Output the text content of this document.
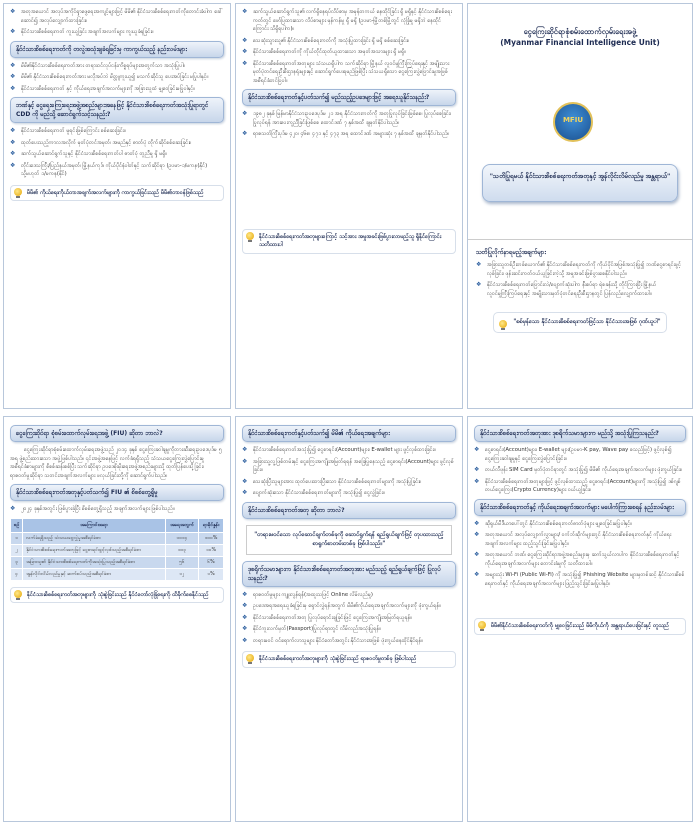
❖ အတုအယောင် အလုပ်အကိုင်ရှာဖွေရေးအကျင့်များဖြင့် မိမိ၏ နိုင်ငံသားစိစစ်ရေးကတ်ကိုတောင်းခံပါက ခေါ်ဆောင်၍ အလုပ်လျှောက်ထားခြင်း။
❖ နိုင်ငံသားစိစစ်ရေးကတ် ကူးယူခြင်း အချက်အလက်များ ကူးယူခံရခြင်း။
နိုင်ငံသားစိစစ်ရေးကတ်ကို တလွဲအသုံးချခံရခြင်းမှ ကာကွယ်သည့် နည်းလမ်းများ
❖ မိမိ၏နိုင်ငံသားစိစစ်ရေးကတ်အား တရားဝင်လုပ်ငန်းကိစ္စရပ်များအတွက်သာ အသုံးပြုပါ။
❖ မိမိ၏ နိုင်ငံသားစိစစ်ရေးကတ်အား မလိုအပ်ဘဲ မိတ္တူကူးယူ၍ မသက်ဆိုင်သူ ပေးအပ်ခြင်း မပြုပါနှင့်။
❖ နိုင်ငံသားစိစစ်ရေးကတ် နှင့် ကိုယ်ရေးအချက်အလက်များကို အခြားသူထံ မျှဝေခြင်းမပြုပါနှင့်။
ဘဏ်နှင့် ငွေရေးကြေးရေးအဖွဲ့အစည်းများအနေဖြင့် နိုင်ငံသားစိစစ်ရေးကတ်အသုံးပြုရာတွင် CDD ကို မည်သို့ ဆောင်ရွက်သင့်သနည်း?
❖ နိုင်ငံသားစိစစ်ရေးကတ် မူရင်းဖြစ်ကြောင်း စစ်ဆေးခြင်း။
❖ ထုတ်ပေးသည့်ကာလအလိုက် မှတ်ပုံတင်အမှတ်၊ အမည်နှင့် ဓာတ်ပုံ တိုက်ဆိုင်စစ်ဆေးခြင်း။
❖ ဆက်သွယ်ဆောင်ရွက်သူနှင့် နိုင်ငံသားစိစစ်ရေးကတ်ပါ ဓာတ်ပုံ တူညီမှု ရှိ မရှိ။
❖ တိုင်းဒေသကြီး/ပြည်နယ်အမှတ်၊ မြို့နယ်ကုဒ်၊ ကိုယ်ပိုင်နံပါတ်နှင့် သက်ဆိုင်ရာ (ဥပမာ-၁/မကန(နိုင်) သို့မဟုတ် ၁/မကန(နိုင်)
မိမိ၏ ကိုယ်ရေးကိုယ်တာအချက်အလက်များကို ကာကွယ်ခြင်းသည် မိမိ၏တာဝန်ဖြစ်သည်
❖ ဆက်သွယ်ဆောင်ရွက်သူ၏ လက်ရှိနေရပ်လိပ်စာမှ အမှန်တကယ် နေထိုင်ခြင်း ရှိ မရှိနှင့် နိုင်ငံသားစိစစ်ရေးကတ်တွင် ဖော်ပြထားသော လိပ်စာများ မှန်ကန်မှု ရှိ မရှိ (ဥပမာ-မြို့တစ်မြို့တွင် လုံခြုံမှု မရှိဘဲ နေထိုင်ကြောင်း သိရှိရပါက)။
❖ သေဆုံးသွားသူ၏ နိုင်ငံသားစိစစ်ရေးကတ်ကို အသုံးပြုထားခြင်း ရှိ မရှိ စစ်ဆေးခြင်း။
❖ နိုင်ငံသားစိစစ်ရေးကတ်ကို ကိုယ်တိုင်ထုတ်ယူထားသော အမှတ်အသားများ ရှိ မရှိ။
❖ နိုင်ငံသားစိစစ်ရေးကတ်အတုများ သံသယရှိပါက သက်ဆိုင်ရာ မြို့နယ် လူဝင်မှုကြီးကြပ်ရေးနှင့် အမျိုးသားမှတ်ပုံတင်ရေးဦးစီးဌာနရုံးများနှင့် ဆောင်ရွက်ပေးရမည်ဖြစ်ပြီး သံသယရှိသော ငွေကြေးလွှဲပြောင်းမှုအဖြစ် အစီရင်ခံတင်ပြပါ။
နိုင်ငံသားစိစစ်ရေးကတ်နှင့်ပတ်သက်၍ မည်သည့်ဥပဒေများဖြင့် အရေးယူနိုင်သနည်း?
❖ ၁၉၈၂ ခုနှစ် မြန်မာနိုင်ငံသားဥပဒေပုဒ်မ ၂၁ အရ နိုင်ငံသားကတ်ကို အတုပြုလုပ်ခြင်းဖြစ်စေ၊ ပြုလုပ်စေခြင်း၊ ပြုလုပ်ရန် အားပေးကူညီခြင်းဖြစ်စေ ထောင်ဒဏ် ၇ နှစ်အထိ ချမှတ်နိုင်ပါသည်။
❖ ရာဇသတ်ကြီးပုဒ်မ ၄၂၀၊ ၄၆၈၊ ၄၇၁ နှင့် ၄၇၃ အရ ထောင်ဒဏ် အများဆုံး ၇ နှစ်အထိ ချမှတ်နိုင်ပါသည်။
နိုင်ငံသားစိစစ်ရေးကတ်အတုများကြောင့် သင့်အား အမှုအခင်းဖြစ်ပွားလာမည့်သူ ရှိနိုင်ကြောင်း သတိထားပါ
ငွေကြေးဆိုင်ရာစုံစမ်းထောက်လှမ်းရေးအဖွဲ့
(Myanmar Financial Intelligence Unit)
MFIU
"သတိပြုရမယ် နိုင်ငံသားစိစစ်ရေးကတ်အတုနှင့် အွန်လိုင်းလိမ်လည်မှု အန္တရာယ်"
သတိပြုလိုက်နာရမည့်အချက်များ
❖ အခြားသူတစ်ဦးတစ်ယောက်၏ နိုင်ငံသားစိစစ်ရေးကတ်ကို ကိုယ်ပိုင်အဖြစ်အသုံးပြု၍ ဘဏ်ငွေစာရင်းဖွင့်လှစ်ခြင်း၊ ဖုန်းဆင်းကတ်ဝယ်ယူခြင်းကဲ့သို့ အမှုအခင်းဖြစ်ပွားစေနိုင်ပါသည်။
❖ နိုင်ငံသားစိစစ်ရေးကတ်ပြောင်းလဲ/ပျောက်ဆုံးပါက နီးစပ်ရာ ရဲစခန်းသို့ တိုင်ကြားပြီး မြို့နယ်လူဝင်မှုကြီးကြပ်ရေးနှင့် အမျိုးသားမှတ်ပုံတင်ရေးဦးစီးဌာနတွင် ပြန်လည်လျှောက်ထားပါ။
"စစ်မှန်သော နိုင်ငံသားစိစစ်ရေးကတ်ဖြင့်သာ နိုင်ငံသားအဖြစ် ဂုဏ်ယူပါ"
ငွေကြေးဆိုင်ရာ စုံစမ်းထောက်လှမ်းရေးအဖွဲ့ (FIU) ဆိုတာ ဘာလဲ?
ငွေကြေးဆိုင်ရာစုံစမ်းထောက်လှမ်းရေးအဖွဲ့သည် ၂၀၁၄ ခုနှစ် ငွေကြေးခဝါချမှုကိုတားဆီးရေးဥပဒေပုဒ်မ ၅ အရ ဖွဲ့စည်းထားသော အဖွဲ့ဖြစ်ပါသည်။ ၎င်းအဖွဲ့အနေဖြင့် လက်ခံရရှိသည့် သံသယငွေကြေးလွှဲပြောင်းမှုအစီရင်ခံစာများကို စိစစ်ဆန်းစစ်ပြီး သက်ဆိုင်ရာ ဥပဒေစိုးမိုးရေးအဖွဲ့အစည်းများသို့ ထုတ်ပြန်ပေးပို့ခြင်း၊ ရာဇဝတ်မှုဆိုင်ရာ သတင်းအချက်အလက်များ ဖလှယ်ခြင်းတို့ကို ဆောင်ရွက်ပါသည်။
နိုင်ငံသားစိစစ်ရေးကတ်အတုနှင့်ပတ်သက်၍ FIU ၏ စိစစ်တွေ့ရှိမှု
❖ ၂၀၂၄ ခုနှစ်အတွင်း ဖြစ်ပွားခဲ့ပြီး စိစစ်တွေ့ရှိသည့် အချက်အလက်များ ဖြစ်ပါသည်။
စဉ်	အကြောင်းအရာ	အရေအတွက်	ရာခိုင်နှုန်း
၁	လက်ခံရရှိသည့် သံသယငွေလွှဲမှုအစီရင်ခံစာ	၁၀၁၄	၁၀၀%
၂	နိုင်ငံသားစိစစ်ရေးကတ်အတုဖြင့် ငွေစာရင်းဖွင့်လှစ်သည့်အစီရင်ခံစာ	၁၀၃	၁၀%
၃	အခြားသူ၏ နိုင်ငံသားစိစစ်ရေးကတ်ကိုအသုံးပြုသည့်အစီရင်ခံစာ	၅၆	၆%
၄	အွန်လိုင်းလိမ်လည်မှုနှင့် ဆက်စပ်သည့်အစီရင်ခံစာ	၁၂	၁%
နိုင်ငံသားစိစစ်ရေးကတ်အတုများကို သုံးစွဲခြင်းသည် နိုင်ငံတော်လုံခြုံရေးကို ထိခိုက်စေနိုင်သည်
နိုင်ငံသားစိစစ်ရေးကတ်နှင့်ပတ်သက်၍ မိမိ၏ ကိုယ်ရေးအချက်များ
❖ နိုင်ငံသားစိစစ်ရေးကတ်အသုံးပြု၍ ငွေစာရင်း(Account)များ၊ E-wallet များ ဖွင့်လှစ်ထားခြင်း။
❖ အခြားသူ့လူ့ဖြစ်တမ်းနှင့် ငွေကြေးအကျိုးအမြတ်ရရန် အခြေပြုနေသည့် ငွေစာရင်း(Account)များ ဖွင့်လှစ်ခြင်း။
❖ သေဆုံးပြီးသူများအား ထုတ်ပေးထားပြီးသော နိုင်ငံသားစိစစ်ရေးကတ်များကို အသုံးပြုခြင်း။
❖ ပျောက်ဆုံးသော နိုင်ငံသားစိစစ်ရေးကတ်များကို အသုံးပြု၍ ငွေလွှဲခြင်း။
နိုင်ငံသားစိစစ်ရေးကတ်အတု ဆိုတာ ဘာလဲ?
"တရားမဝင်သော လုပ်ဆောင်ချက်တစ်ခုကို ဆောင်ရွက်ရန် ရည်ရွယ်ချက်ဖြင့် တုပထားသည့် စာရွက်စာတမ်းတစ်ခု ဖြစ်ပါသည်။"
ဒုစရိုက်သမားများက နိုင်ငံသားစိစစ်ရေးကတ်အတုအား မည်သည့် ရည်ရွယ်ချက်ဖြင့် ပြုလုပ်သနည်း?
❖ ရာဇဝတ်မှုများ ကျူးလွန်ရန်(အထူးသဖြင့် Online လိမ်လည်မှု)
❖ ဥပဒေအရအရေးယူခံရခြင်းမှ ရှောင်လွှဲရန်အတွက် မိမိ၏ကိုယ်ရေးအချက်အလက်များကို ဖုံးကွယ်ရန်။
❖ နိုင်ငံသားစိစစ်ရေးကတ်အတု ပြုလုပ်ရောင်းချခြင်းဖြင့် ငွေကြေးအကျိုးအမြတ်ရယူရန်။
❖ နိုင်ငံကူးလက်မှတ်(Passport)ပြုလုပ်ရာတွင် လိမ်လည်အသုံးပြုရန်။
❖ တရားမဝင် ဝင်ရောက်လာသူများ နိုင်ငံတော်အတွင်း နိုင်ငံသားအဖြစ် ဖုံးကွယ်နေထိုင်နိုင်ရန်။
နိုင်ငံသားစိစစ်ရေးကတ်အတုများကို သုံးစွဲခြင်းသည် ရာဇဝတ်မှုတစ်ခု ဖြစ်ပါသည်
နိုင်ငံသားစိစစ်ရေးကတ်အတုအား ဒုစရိုက်သမားများက မည်သို့ အသုံးပြုကြသနည်း?
❖ ငွေစာရင်း(Account)များ၊ E-wallet များ(ဥပမာ-K pay, Wave pay စသည်ဖြင့်) ဖွင့်လှစ်၍ ငွေကြေးခဝါချမှုနှင့် ငွေကြေးလွှဲပြောင်းခြင်း။
❖ တယ်လီဖုန်း SIM Card မှတ်ပုံတင်ရာတွင် အသုံးပြု၍ မိမိ၏ ကိုယ်ရေးအချက်အလက်များ ဖုံးကွယ်ခြင်း။
❖ နိုင်ငံသားစိစစ်ရေးကတ်အတုများဖြင့် ဖွင့်လှစ်ထားသည့် ငွေစာရင်း(Account)များကို အသုံးပြု၍ ဒစ်ဂျစ်တယ်ငွေကြေး(Crypto Currency)များ ဝယ်ယူခြင်း။
နိုင်ငံသားစိစစ်ရေးကတ်နှင့် ကိုယ်ရေးအချက်အလက်များ မပေါက်ကြားစေရန် နည်းလမ်းများ
❖ ဆိုရှယ်မီဒီယာပေါ်တွင် နိုင်ငံသားစိစစ်ရေးကတ်ဓာတ်ပုံများ မျှဝေခြင်းမပြုပါနှင့်။
❖ အတုအယောင် အလုပ်လျှောက်လွှာများ/ ဝက်ဘ်ဆိုက်များတွင် နိုင်ငံသားစိစစ်ရေးကတ်နှင့် ကိုယ်ရေးအချက်အလက်များ ထည့်သွင်းခြင်းမပြုပါနှင့်။
❖ အတုအယောင် ဘဏ်၊ ငွေကြေးဆိုင်ရာအဖွဲ့အစည်းများမှ ဆက်သွယ်လာပါက နိုင်ငံသားစိစစ်ရေးကတ်နှင့် ကိုယ်ရေးအချက်အလက်များ တောင်းခံမှုကို သတိထားပါ။
❖ အများသုံး Wi-Fi (Public Wi-Fi) ကို အသုံးပြု၍ Phishing Website များမှတစ်ဆင့် နိုင်ငံသားစိစစ်ရေးကတ်နှင့် ကိုယ်ရေးအချက်အလက်များ ဖြည့်သွင်းခြင်းမပြုပါနှင့်။
မိမိ၏နိုင်ငံသားစိစစ်ရေးကတ်ကို မျှဝေခြင်းသည် မိမိကိုယ်ကို အန္တရာယ်ပေးခြင်းနှင့် တူသည်
